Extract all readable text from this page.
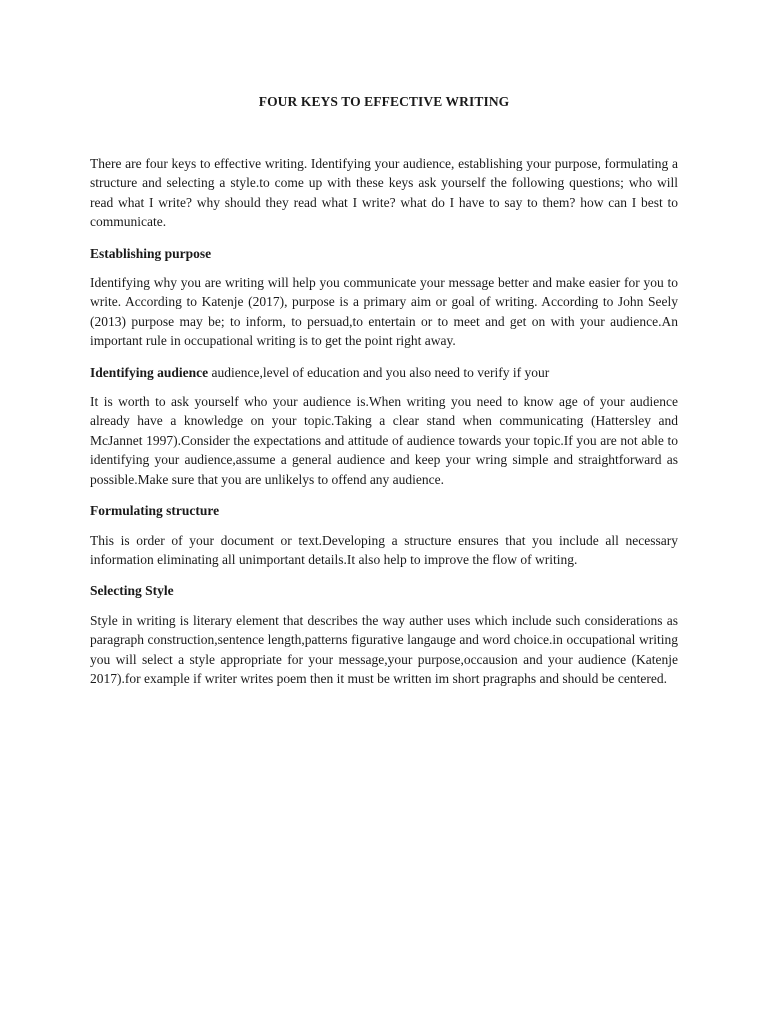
FOUR KEYS TO EFFECTIVE WRITING

There are four keys to effective writing. Identifying your audience, establishing your purpose, formulating a structure and selecting a style.to come up with these keys ask yourself the following questions; who will read what I write? why should they read what I write? what do I have to say to them? how can I best to communicate.

Establishing purpose

Identifying why you are writing will help you communicate your message better and make easier for you to write. According to Katenje (2017), purpose is a primary aim or goal of writing. According to John Seely (2013) purpose may be; to inform, to persuad,to entertain or to meet and get on with your audience.An important rule in occupational writing is to get the point right away.

Identifying audience audience,level of education and you also need to verify if your

It is worth to ask yourself who your audience is.When writing you need to know age of your audience already have a knowledge on your topic.Taking a clear stand when communicating (Hattersley and McJannet 1997).Consider the expectations and attitude of audience towards your topic.If you are not able to identifying your audience,assume a general audience and keep your wring simple and straightforward as possible.Make sure that you are unlikelys to offend any audience.

Formulating structure

This is order of your document or text.Developing a structure ensures that you include all necessary information eliminating all unimportant details.It also help to improve the flow of writing.

Selecting Style

Style in writing is literary element that describes the way auther uses which include such considerations as paragraph construction,sentence length,patterns figurative langauge and word choice.in occupational writing you will select a style appropriate for your message,your purpose,occausion and your audience (Katenje 2017).for example if writer writes poem then it must be written im short pragraphs and should be centered.
